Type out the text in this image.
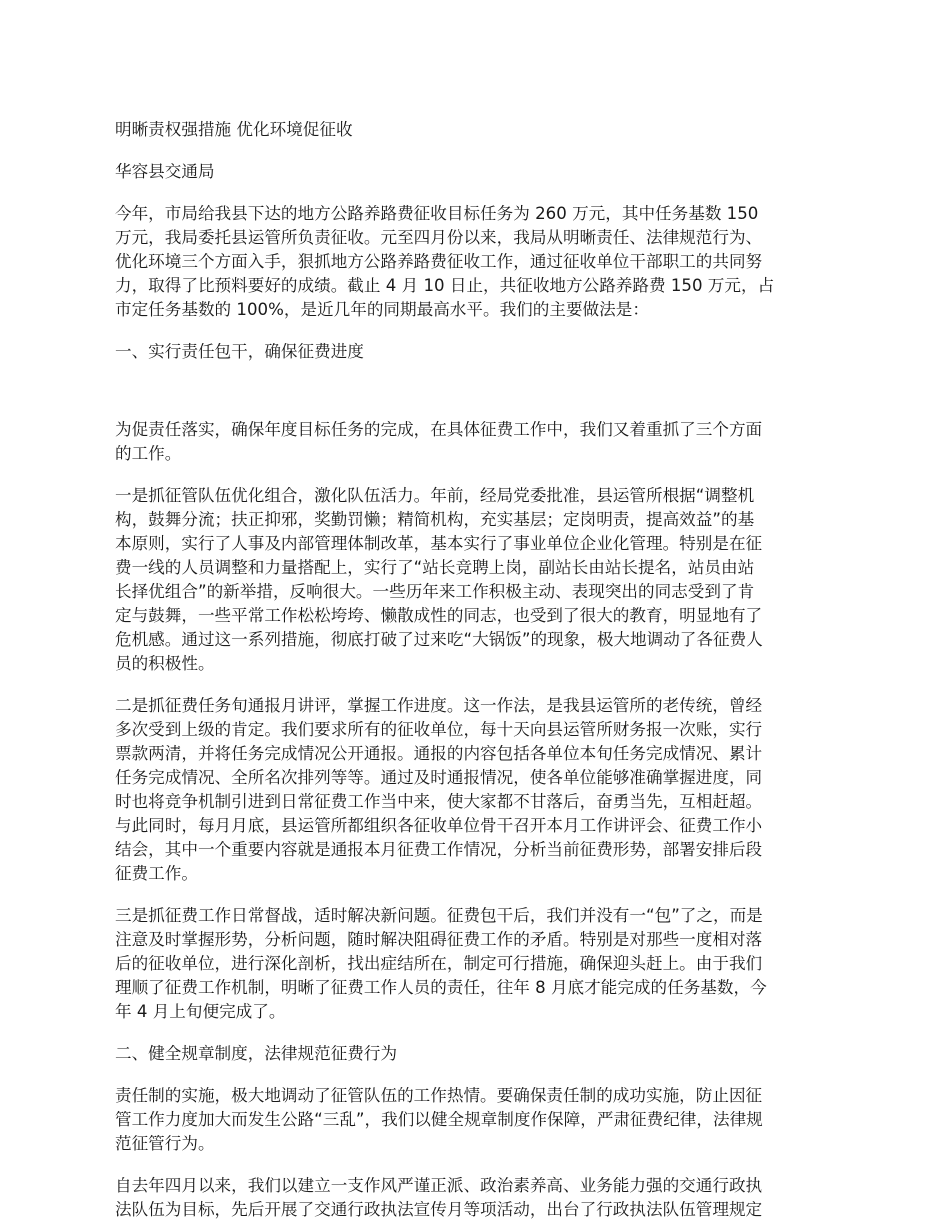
明晰责权强措施 优化环境促征收

华容县交通局

今年，市局给我县下达的地方公路养路费征收目标任务为 260 万元，其中任务基数 150

万元，我局委托县运管所负责征收。元至四月份以来，我局从明晰责任、法律规范行为、

优化环境三个方面入手，狠抓地方公路养路费征收工作，通过征收单位干部职工的共同努

力，取得了比预料要好的成绩。截止 4 月 10 日止，共征收地方公路养路费 150 万元，占

市定任务基数的 100%，是近几年的同期最高水平。我们的主要做法是：

一、实行责任包干，确保征费进度

为促责任落实，确保年度目标任务的完成，在具体征费工作中，我们又着重抓了三个方面

的工作。

一是抓征管队伍优化组合，激化队伍活力。年前，经局党委批准，县运管所根据“调整机

构，鼓舞分流；扶正抑邪，奖勤罚懒；精简机构，充实基层；定岗明责，提高效益”的基

本原则，实行了人事及内部管理体制改革，基本实行了事业单位企业化管理。特别是在征

费一线的人员调整和力量搭配上，实行了“站长竞聘上岗，副站长由站长提名，站员由站

长择优组合”的新举措，反响很大。一些历年来工作积极主动、表现突出的同志受到了肯

定与鼓舞，一些平常工作松松垮垮、懒散成性的同志，也受到了很大的教育，明显地有了

危机感。通过这一系列措施，彻底打破了过来吃“大锅饭”的现象，极大地调动了各征费人

员的积极性。

二是抓征费任务旬通报月讲评，掌握工作进度。这一作法，是我县运管所的老传统，曾经

多次受到上级的肯定。我们要求所有的征收单位，每十天向县运管所财务报一次账，实行

票款两清，并将任务完成情况公开通报。通报的内容包括各单位本旬任务完成情况、累计

任务完成情况、全所名次排列等等。通过及时通报情况，使各单位能够准确掌握进度，同

时也将竞争机制引进到日常征费工作当中来，使大家都不甘落后，奋勇当先，互相赶超。

与此同时，每月月底，县运管所都组织各征收单位骨干召开本月工作讲评会、征费工作小

结会，其中一个重要内容就是通报本月征费工作情况，分析当前征费形势，部署安排后段

征费工作。

三是抓征费工作日常督战，适时解决新问题。征费包干后，我们并没有一“包”了之，而是

注意及时掌握形势，分析问题，随时解决阻碍征费工作的矛盾。特别是对那些一度相对落

后的征收单位，进行深化剖析，找出症结所在，制定可行措施，确保迎头赶上。由于我们

理顺了征费工作机制，明晰了征费工作人员的责任，往年 8 月底才能完成的任务基数，今

年 4 月上旬便完成了。

二、健全规章制度，法律规范征费行为

责任制的实施，极大地调动了征管队伍的工作热情。要确保责任制的成功实施，防止因征

管工作力度加大而发生公路“三乱”，我们以健全规章制度作保障，严肃征费纪律，法律规

范征管行为。

自去年四月以来，我们以建立一支作风严谨正派、政治素养高、业务能力强的交通行政执

法队伍为目标，先后开展了交通行政执法宣传月等项活动，出台了行政执法队伍管理规定
